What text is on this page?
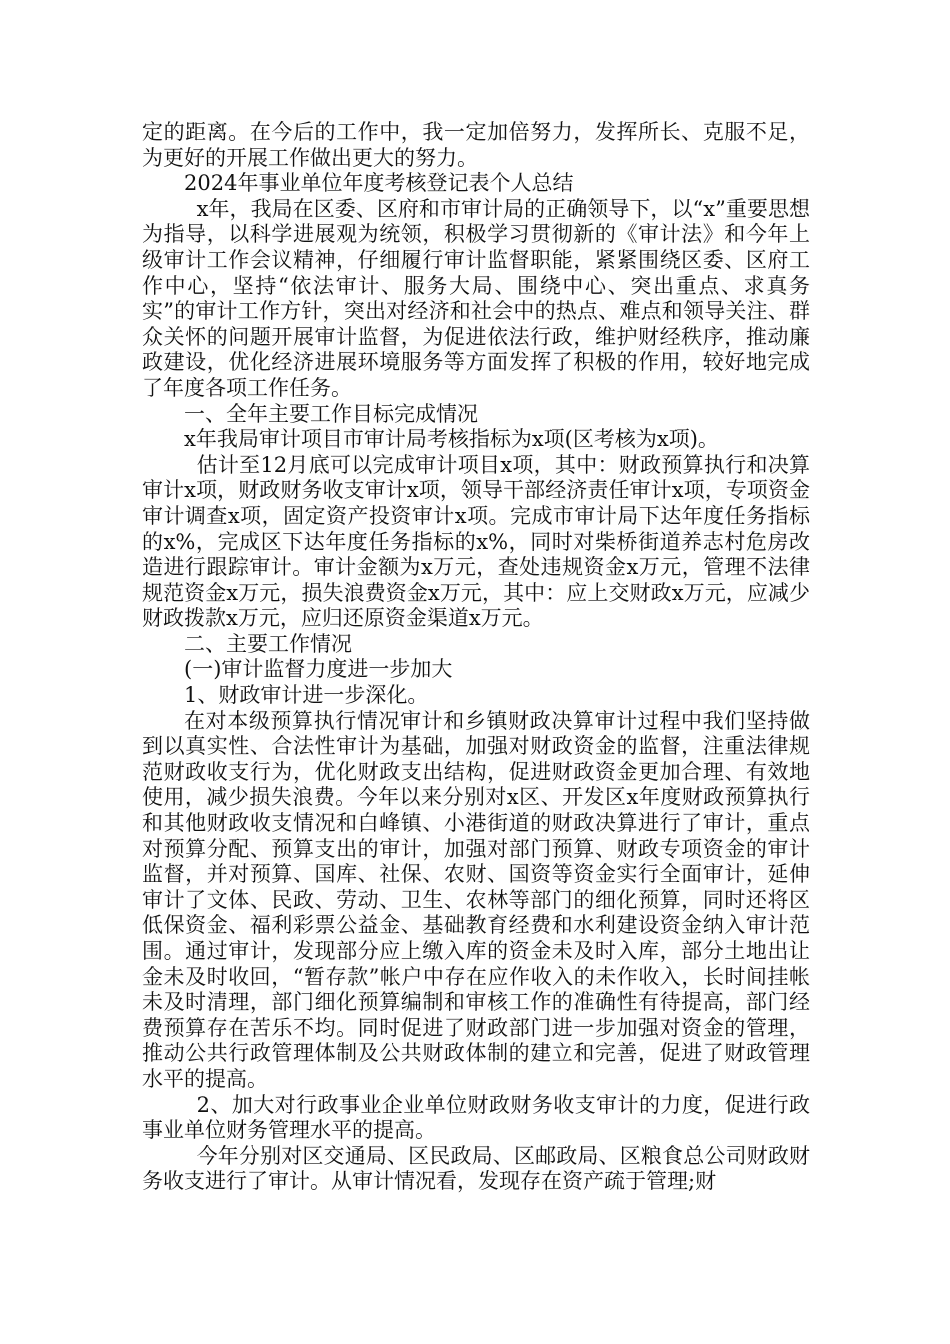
定的距离。在今后的工作中，我一定加倍努力，发挥所长、克服不足，为更好的开展工作做出更大的努力。

2024年事业单位年度考核登记表个人总结

x年，我局在区委、区府和市审计局的正确领导下，以“x”重要思想为指导，以科学进展观为统领，积极学习贯彻新的《审计法》和今年上级审计工作会议精神，仔细履行审计监督职能，紧紧围绕区委、区府工作中心，坚持“依法审计、服务大局、围绕中心、突出重点、求真务实”的审计工作方针，突出对经济和社会中的热点、难点和领导关注、群众关怀的问题开展审计监督，为促进依法行政，维护财经秩序，推动廉政建设，优化经济进展环境服务等方面发挥了积极的作用，较好地完成了年度各项工作任务。

一、全年主要工作目标完成情况

x年我局审计项目市审计局考核指标为x项(区考核为x项)。

估计至12月底可以完成审计项目x项，其中：财政预算执行和决算审计x项，财政财务收支审计x项，领导干部经济责任审计x项，专项资金审计调查x项，固定资产投资审计x项。完成市审计局下达年度任务指标的x%，完成区下达年度任务指标的x%，同时对柴桥街道养志村危房改造进行跟踪审计。审计金额为x万元，查处违规资金x万元，管理不法律规范资金x万元，损失浪费资金x万元，其中：应上交财政x万元，应减少财政拨款x万元，应归还原资金渠道x万元。

二、主要工作情况

(一)审计监督力度进一步加大

1、财政审计进一步深化。

在对本级预算执行情况审计和乡镇财政决算审计过程中我们坚持做到以真实性、合法性审计为基础，加强对财政资金的监督，注重法律规范财政收支行为，优化财政支出结构，促进财政资金更加合理、有效地使用，减少损失浪费。今年以来分别对x区、开发区x年度财政预算执行和其他财政收支情况和白峰镇、小港街道的财政决算进行了审计，重点对预算分配、预算支出的审计，加强对部门预算、财政专项资金的审计监督，并对预算、国库、社保、农财、国资等资金实行全面审计，延伸审计了文体、民政、劳动、卫生、农林等部门的细化预算，同时还将区低保资金、福利彩票公益金、基础教育经费和水利建设资金纳入审计范围。通过审计，发现部分应上缴入库的资金未及时入库，部分土地出让金未及时收回，“暂存款”帐户中存在应作收入的未作收入，长时间挂帐未及时清理，部门细化预算编制和审核工作的准确性有待提高，部门经费预算存在苦乐不均。同时促进了财政部门进一步加强对资金的管理，推动公共行政管理体制及公共财政体制的建立和完善，促进了财政管理水平的提高。

2、加大对行政事业企业单位财政财务收支审计的力度，促进行政事业单位财务管理水平的提高。

今年分别对区交通局、区民政局、区邮政局、区粮食总公司财政财务收支进行了审计。从审计情况看，发现存在资产疏于管理;财
